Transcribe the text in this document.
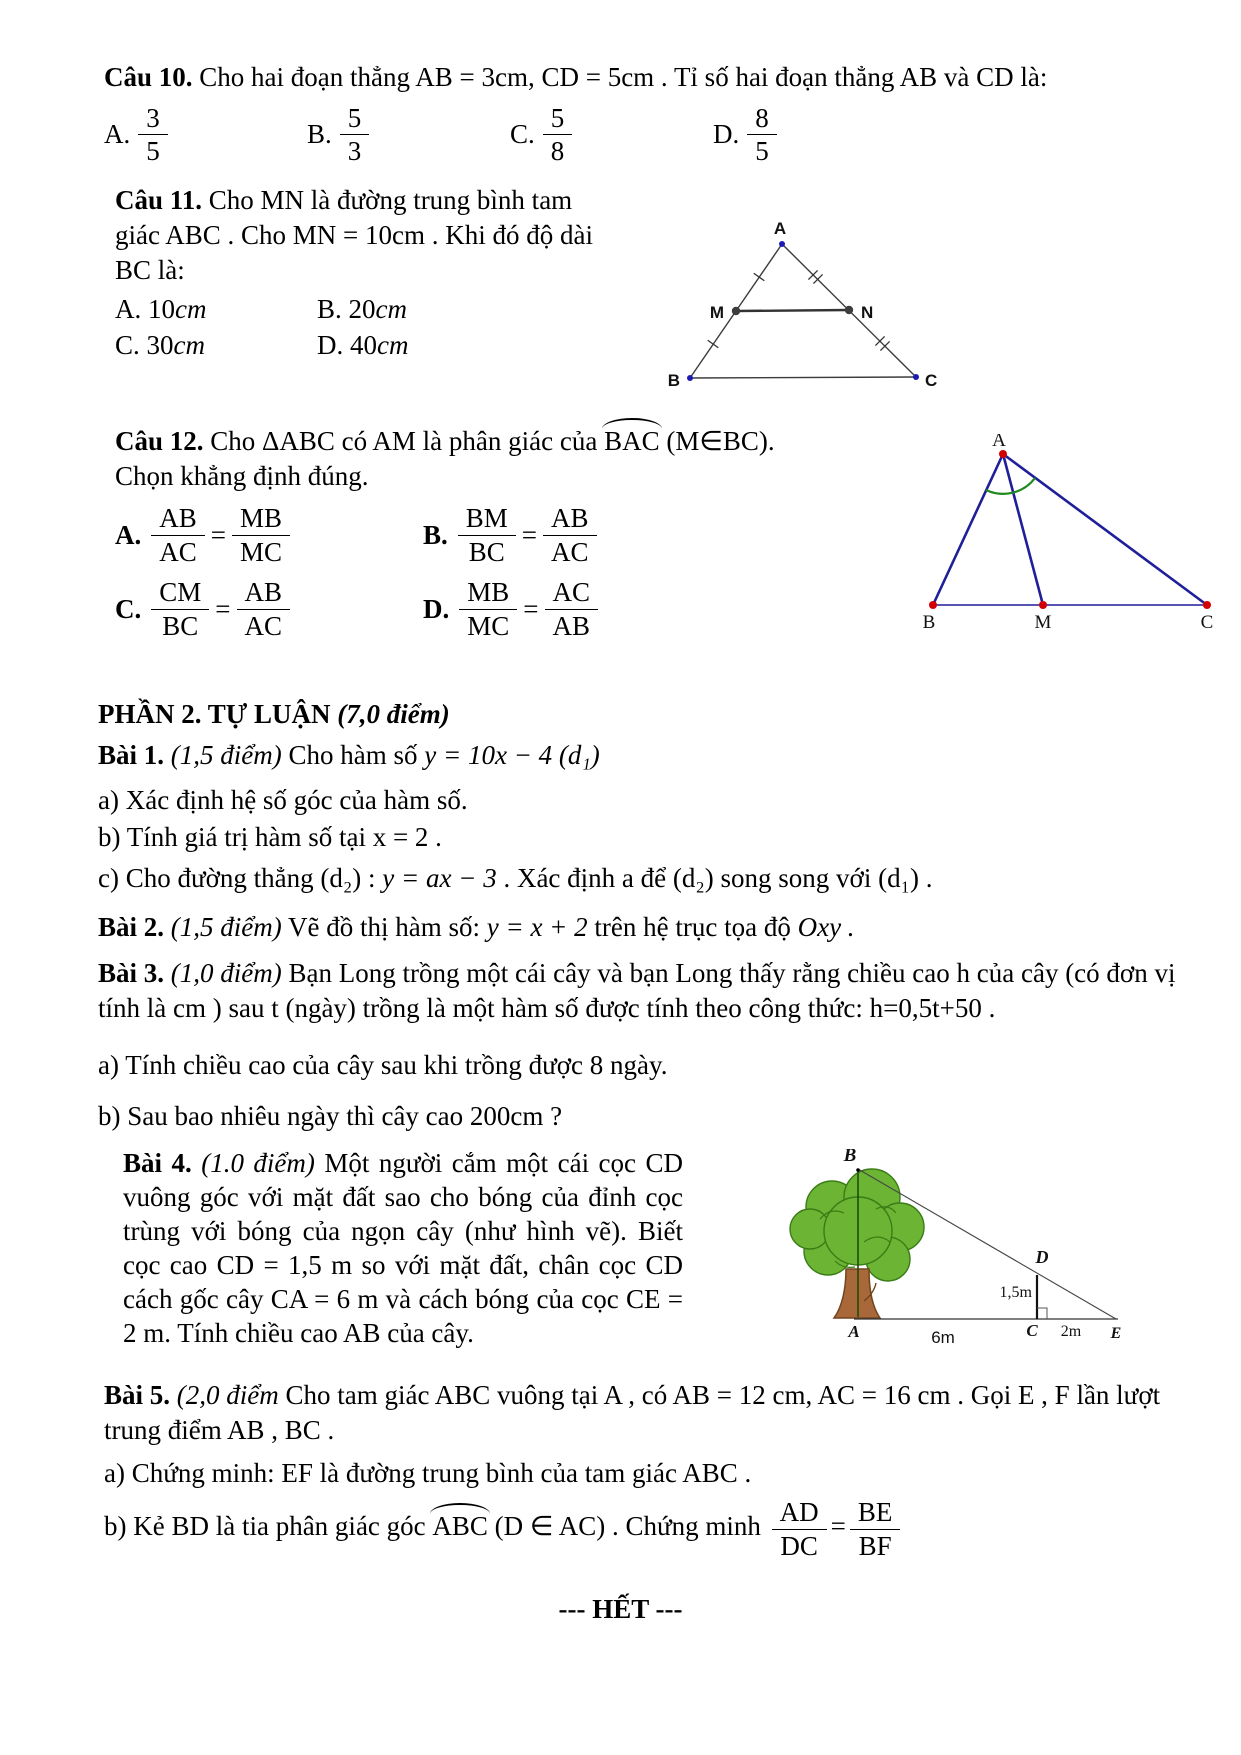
Câu 10. Cho hai đoạn thẳng AB = 3cm, CD = 5cm . Tỉ số hai đoạn thẳng AB và CD là:

A. $\frac{3}{5}$	B. $\frac{5}{3}$	C. $\frac{5}{8}$	D. $\frac{8}{5}$

Câu 11. Cho MN là đường trung bình tam giác ABC . Cho MN = 10cm . Khi đó độ dài BC là:

A. 10cm	B. 20cm
C. 30cm	D. 40cm
A
M	N
B	C

Câu 12. Cho ΔABC có AM là phân giác của BAC (M∈BC).

Chọn khẳng định đúng.

A. $\frac{AB}{AC} = \frac{MB}{MC}$	B. $\frac{BM}{BC} = \frac{AB}{AC}$
C. $\frac{CM}{BC} = \frac{AB}{AC}$	D. $\frac{MB}{MC} = \frac{AC}{AB}$
A
B	M	C

PHẦN 2. TỰ LUẬN (7,0 điểm)

Bài 1. (1,5 điểm) Cho hàm số y = 10x − 4 (d₁)

a) Xác định hệ số góc của hàm số.

b) Tính giá trị hàm số tại x = 2 .

c) Cho đường thẳng (d₂) : y = ax − 3 . Xác định a để (d₂) song song với (d₁) .

Bài 2. (1,5 điểm) Vẽ đồ thị hàm số: y = x + 2 trên hệ trục tọa độ Oxy .

Bài 3. (1,0 điểm) Bạn Long trồng một cái cây và bạn Long thấy rằng chiều cao h của cây (có đơn vị tính là cm ) sau t (ngày) trồng là một hàm số được tính theo công thức: h=0,5t+50 .

a) Tính chiều cao của cây sau khi trồng được 8 ngày.

b) Sau bao nhiêu ngày thì cây cao 200cm ?

Bài 4. (1.0 điểm) Một người cắm một cái cọc CD vuông góc với mặt đất sao cho bóng của đỉnh cọc trùng với bóng của ngọn cây (như hình vẽ). Biết cọc cao CD = 1,5 m so với mặt đất, chân cọc CD cách gốc cây CA = 6 m và cách bóng của cọc CE = 2 m. Tính chiều cao AB của cây.

B
D
1,5m
A	6m	C 2m E

Bài 5. (2,0 điểm Cho tam giác ABC vuông tại A , có AB = 12 cm, AC = 16 cm . Gọi E , F lần lượt trung điểm AB , BC .

a) Chứng minh: EF là đường trung bình của tam giác ABC .

b) Kẻ BD là tia phân giác góc ABC (D ∈ AC) . Chứng minh $\frac{AD}{DC} = \frac{BE}{BF}$

--- HẾT ---
